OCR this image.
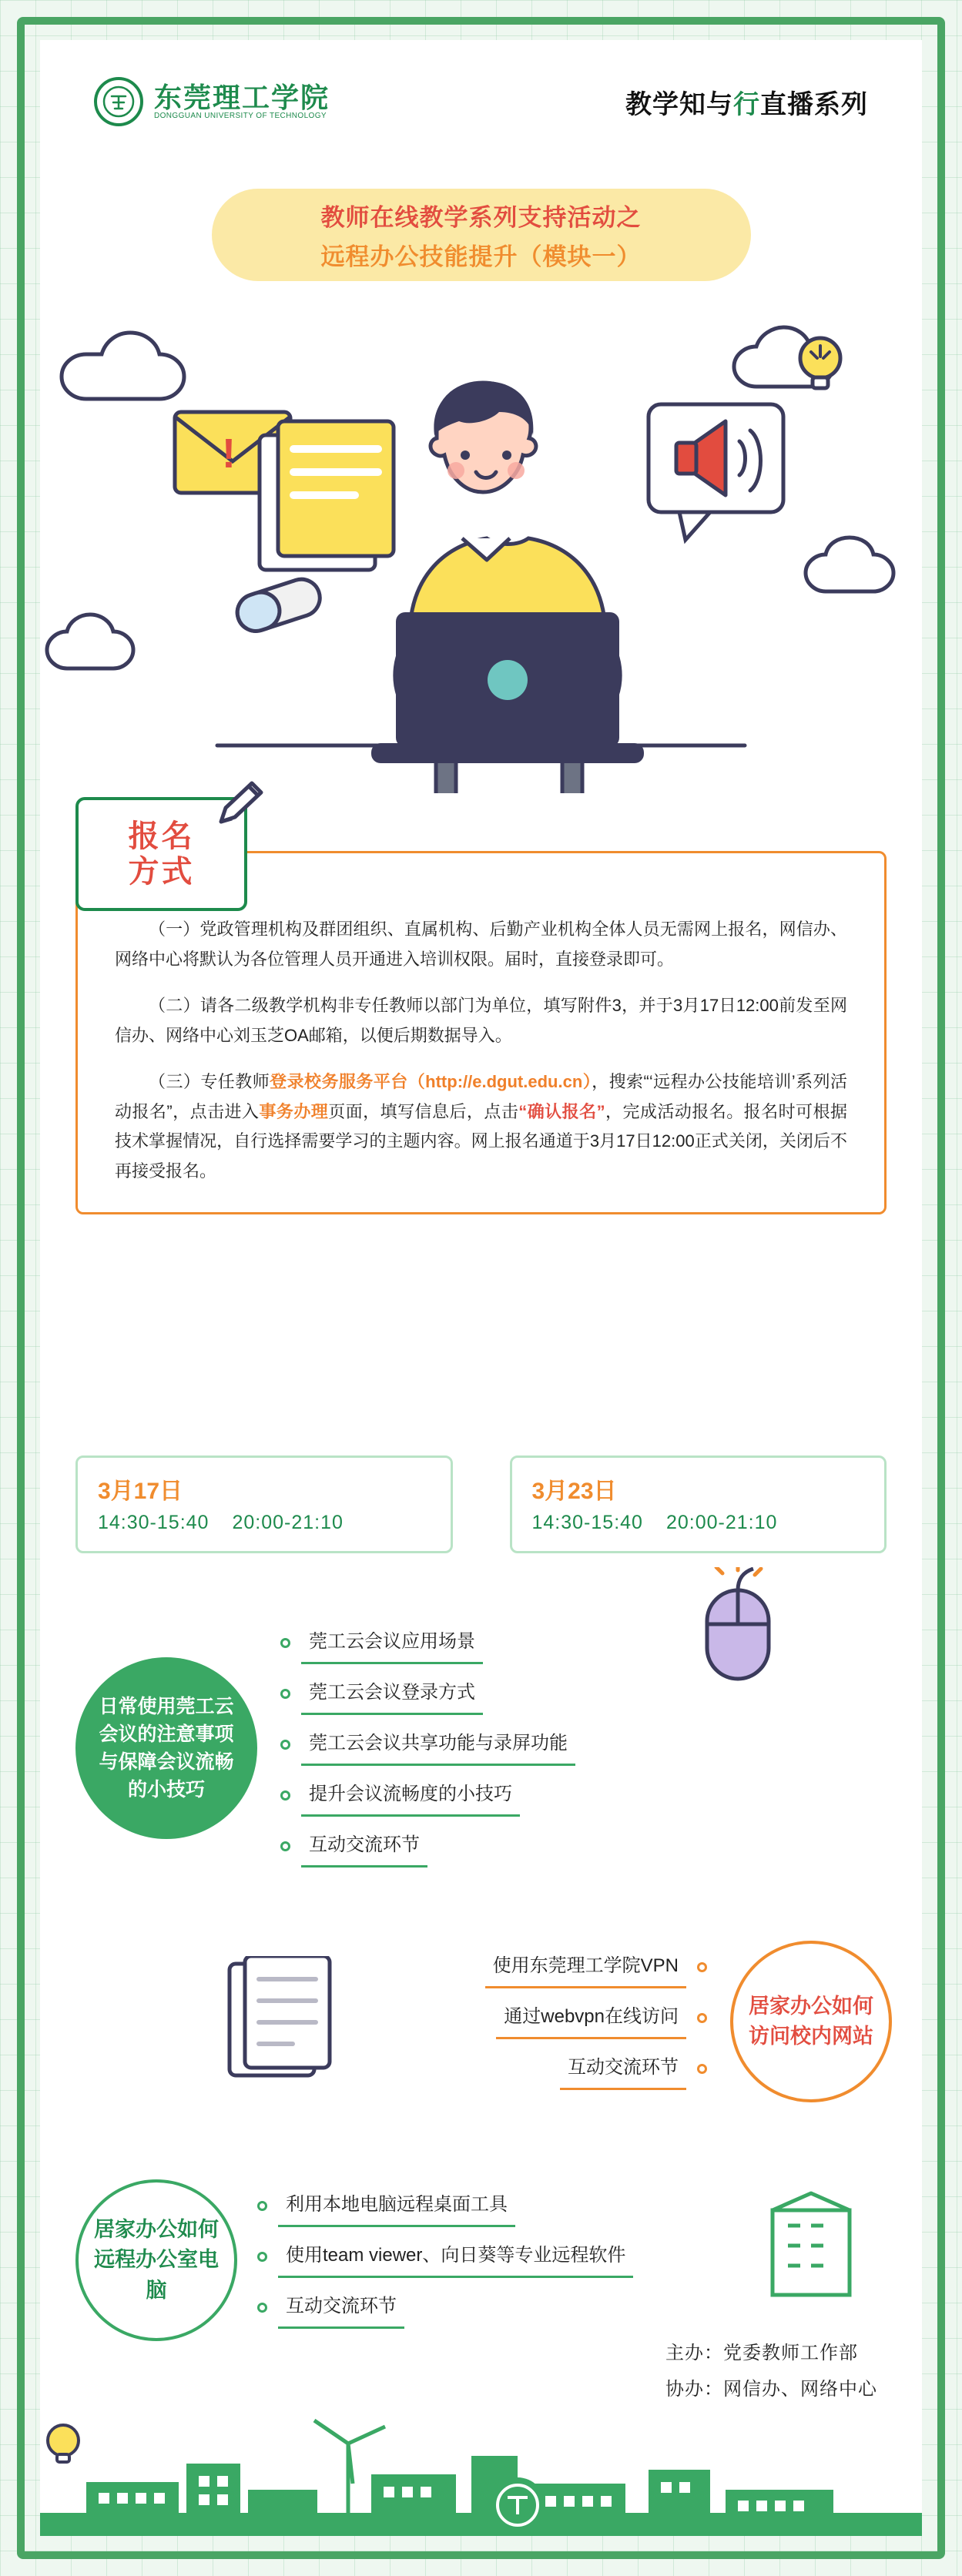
东莞理工学院
DONGGUAN UNIVERSITY OF TECHNOLOGY	教学知与行直播系列
教师在线教学系列支持活动之
远程办公技能提升（模块一）
!

（一）党政管理机构及群团组织、直属机构、后勤产业机构全体人员无需网上报名，网信办、网络中心将默认为各位管理人员开通进入培训权限。届时，直接登录即可。

（二）请各二级教学机构非专任教师以部门为单位，填写附件3，并于3月17日12:00前发至网信办、网络中心刘玉芝OA邮箱，以便后期数据导入。

（三）专任教师登录校务服务平台（http://e.dgut.edu.cn），搜索“‘远程办公技能培训’系列活动报名”，点击进入事务办理页面，填写信息后，点击“确认报名”，完成活动报名。报名时可根据技术掌握情况，自行选择需要学习的主题内容。网上报名通道于3月17日12:00正式关闭，关闭后不再接受报名。

报名
方式
3月17日
14:30-15:40 20:00-21:10
3月23日
14:30-15:40 20:00-21:10
日常使用莞工云会议的注意事项与保障会议流畅的小技巧
莞工云会议应用场景
莞工云会议登录方式
莞工云会议共享功能与录屏功能
提升会议流畅度的小技巧
互动交流环节
使用东莞理工学院VPN
通过webvpn在线访问
互动交流环节
居家办公如何访问校内网站
居家办公如何远程办公室电脑
利用本地电脑远程桌面工具
使用team viewer、向日葵等专业远程软件
互动交流环节
主办：党委教师工作部
协办：网信办、网络中心
